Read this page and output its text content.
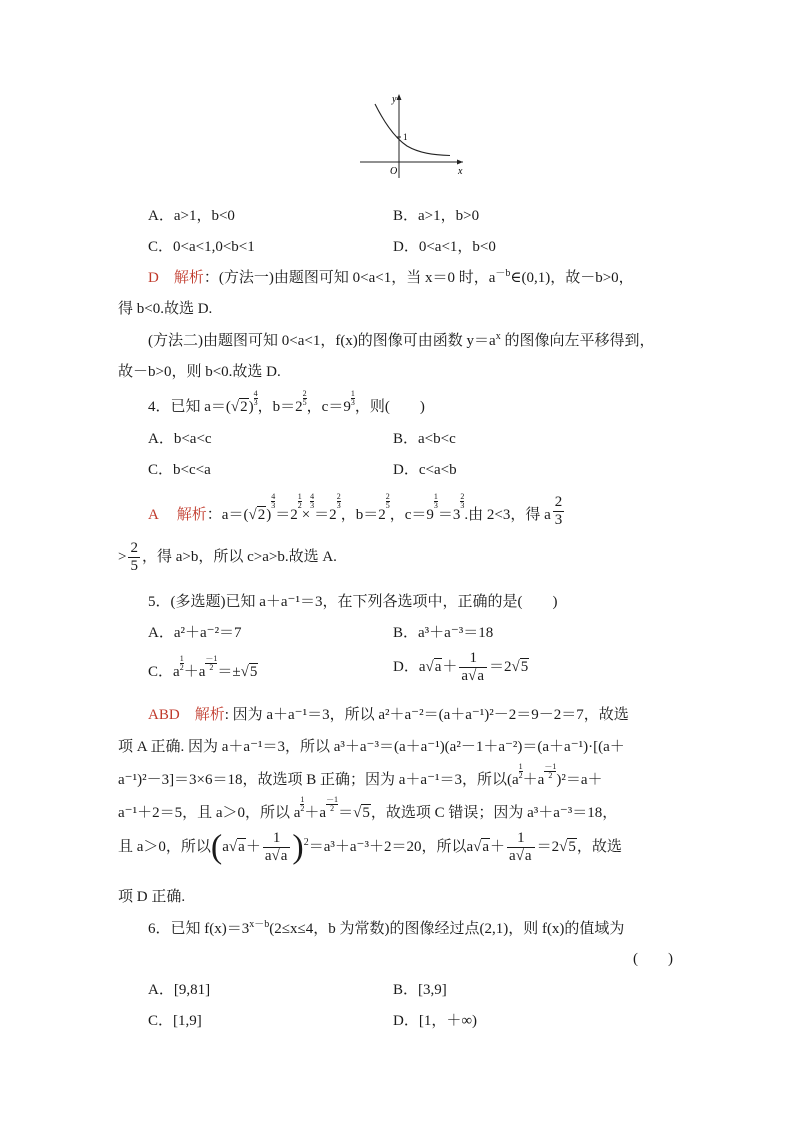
y
1
O	x
A．a>1，b<0	B．a>1，b>0
C．0<a<1,0<b<1	D．0<a<1，b<0
D　 解析：(方法一)由题图可知 0<a<1，当 x＝0 时，$a^{-b}\in(0,1)$，故－b>0，
得 b<0.故选 D.
(方法二)由题图可知 0<a<1，f(x)的图像可由函数 $y=a^x$ 的图像向左平移得到，
故－b>0，则 b<0.故选 D.
4．已知 $a=(√2) \frac{4}{3}$ ，$b=2 \frac{2}{5}$ ，$c=9 \frac{1}{3}$ ，则(　　)
A．b<a<c	B．a<b<c
C．b<c<a	D．c<a<b
A　 解析：a＝(√2)
$\frac{4}{3}$
＝2
$\frac{1}{2}$
×
$\frac{4}{3}$
＝2
$\frac{2}{3}$
，b＝2
$\frac{2}{5}$
，c＝9
$\frac{1}{3}$
＝3
$\frac{2}{3}$
.由 2<3，得 a $\frac{2}{3}$
> $\frac{2}{5}$ ，得 a>b，所以 c>a>b.故选 A.
5．(多选题)已知 a＋a⁻¹＝3，在下列各选项中，正确的是(　　)
A．a²＋a⁻²＝7	B．a³＋a⁻³＝18
C．a $\frac{1}{2} +a \frac{-1}{2} =\pm√5$	D．$a√a+ \frac{1}{a√a} =2√5$
ABD　 解析: 因为 a＋a⁻¹＝3，所以 a²＋a⁻²＝(a＋a⁻¹)²－2＝9－2＝7，故选
项 A 正确. 因为 a＋a⁻¹＝3，所以 a³＋a⁻³＝(a＋a⁻¹)(a²－1＋a⁻²)＝(a＋a⁻¹)·[(a＋
a⁻¹)²－3]＝3×6＝18，故选项 B 正确；因为 a＋a⁻¹＝3，所以$(a \frac{1}{2} +a \frac{-1}{2} )^2=a+$
a⁻¹＋2＝5，且 a＞0，所以 a $\frac{1}{2} +a \frac{-1}{2} =√5$，故选项 C 错误；因为 a³＋a⁻³＝18，
且 a＞0，所以$(a√a+ \frac{1}{a√a} )^2=a^3+a^{-3}+2=20$，所以$a√a+ \frac{1}{a√a} =2√5$，故选
项 D 正确.
6．已知 $f(x)=3^{x-b}(2\le x\le 4$，b 为常数)的图像经过点(2,1)，则 f(x)的值域为
(　　)
A．[9,81]	B．[3,9]
C．[1,9]	D．[1，＋∞)
